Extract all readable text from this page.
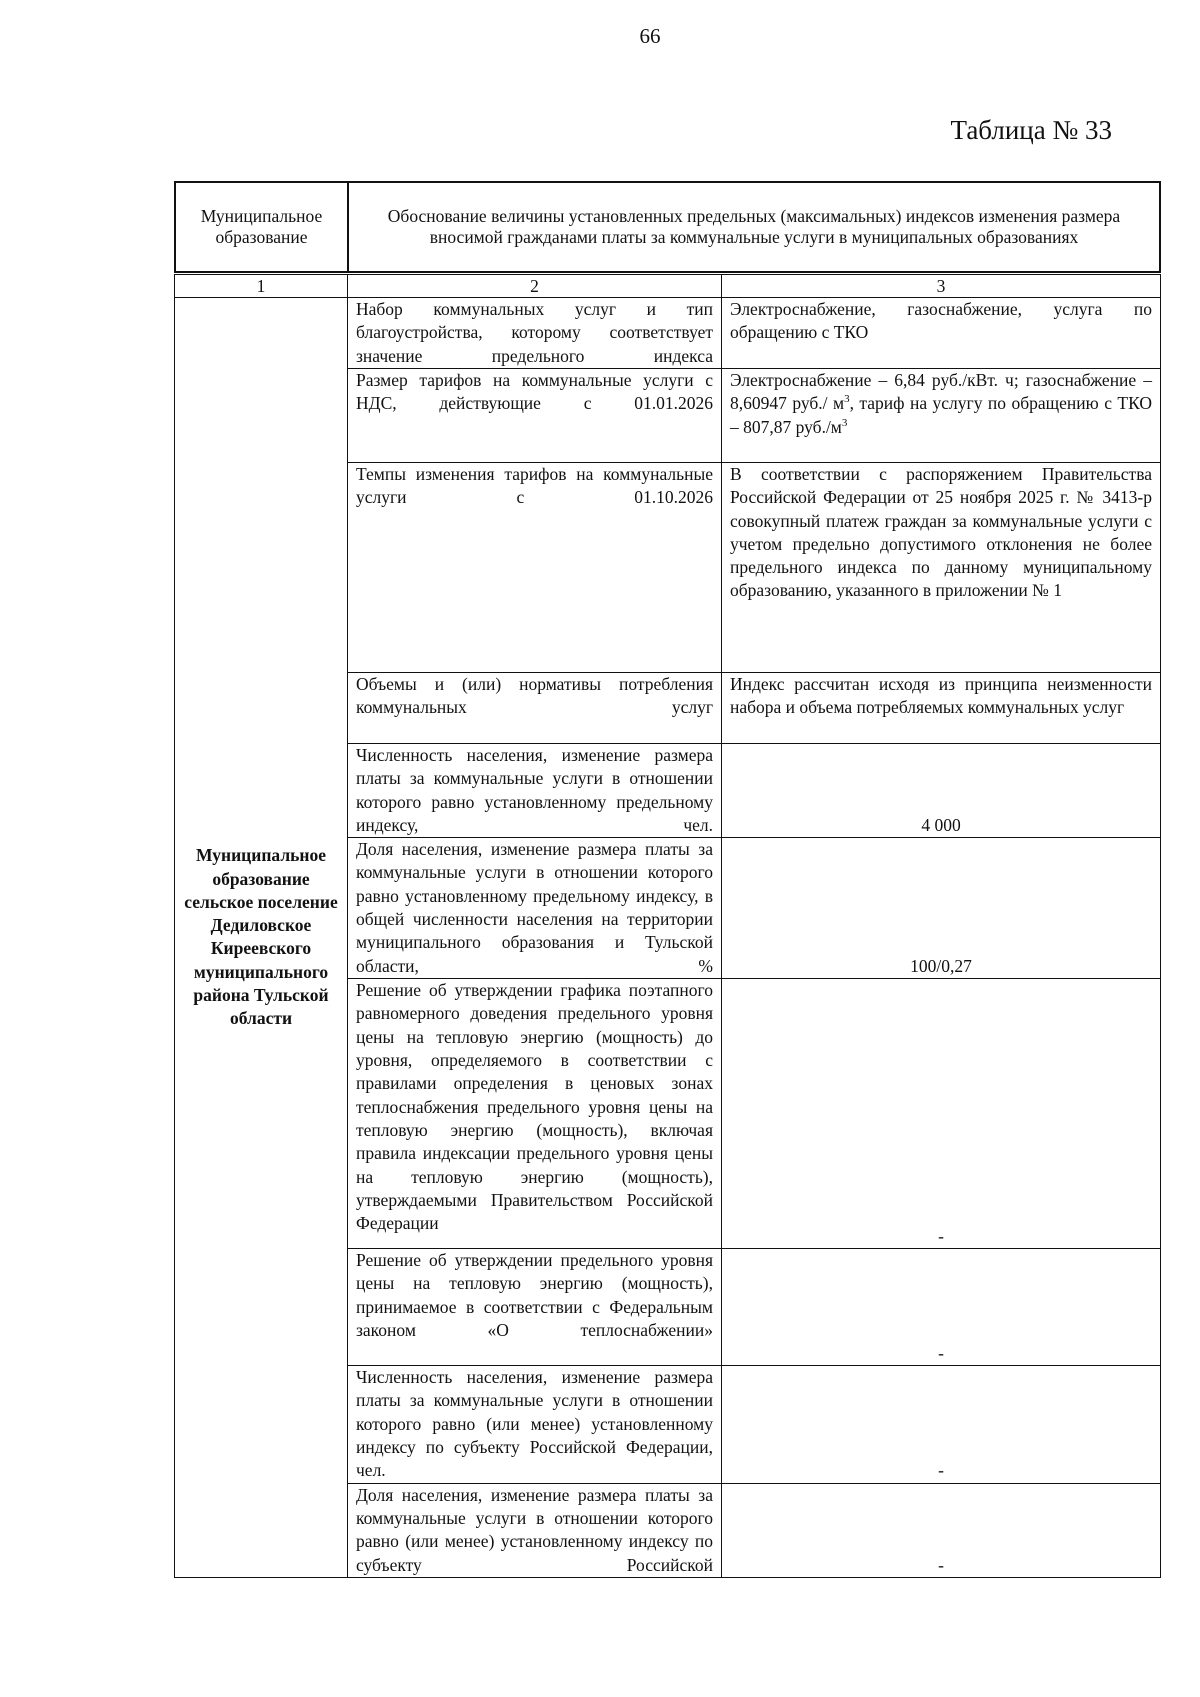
66
Таблица № 33
Муниципальное образование	Обоснование величины установленных предельных (максимальных) индексов изменения размера вносимой гражданами платы за коммунальные услуги в муниципальных образованиях
1	2	3
Муниципальное образование сельское поселение Дедиловское Киреевского муниципального района Тульской области	Набор коммунальных услуг и тип благоустройства, которому соответствует значение предельного индекса	Электроснабжение, газоснабжение, услуга по обращению с ТКО
	Размер тарифов на коммунальные услуги с НДС, действующие с 01.01.2026	Электроснабжение – 6,84 руб./кВт. ч; газоснабжение – 8,60947 руб./ $м^3$, тариф на услугу по обращению с ТКО – 807,87 $руб./м^3$
	Темпы изменения тарифов на коммунальные услуги с 01.10.2026	В соответствии с распоряжением Правительства Российской Федерации от 25 ноября 2025 г. № 3413-р совокупный платеж граждан за коммунальные услуги с учетом предельно допустимого отклонения не более предельного индекса по данному муниципальному образованию, указанного в приложении № 1
	Объемы и (или) нормативы потребления коммунальных услуг	Индекс рассчитан исходя из принципа неизменности набора и объема потребляемых коммунальных услуг
	Численность населения, изменение размера платы за коммунальные услуги в отношении которого равно установленному предельному индексу, чел.	4 000
	Доля населения, изменение размера платы за коммунальные услуги в отношении которого равно установленному предельному индексу, в общей численности населения на территории муниципального образования и Тульской области, %	100/0,27
	Решение об утверждении графика поэтапного равномерного доведения предельного уровня цены на тепловую энергию (мощность) до уровня, определяемого в соответствии с правилами определения в ценовых зонах теплоснабжения предельного уровня цены на тепловую энергию (мощность), включая правила индексации предельного уровня цены на тепловую энергию (мощность), утверждаемыми Правительством Российской Федерации	-
	Решение об утверждении предельного уровня цены на тепловую энергию (мощность), принимаемое в соответствии с Федеральным законом «О теплоснабжении»	-
	Численность населения, изменение размера платы за коммунальные услуги в отношении которого равно (или менее) установленному индексу по субъекту Российской Федерации, чел.	-
	Доля населения, изменение размера платы за коммунальные услуги в отношении которого равно (или менее) установленному индексу по субъекту Российской	-
